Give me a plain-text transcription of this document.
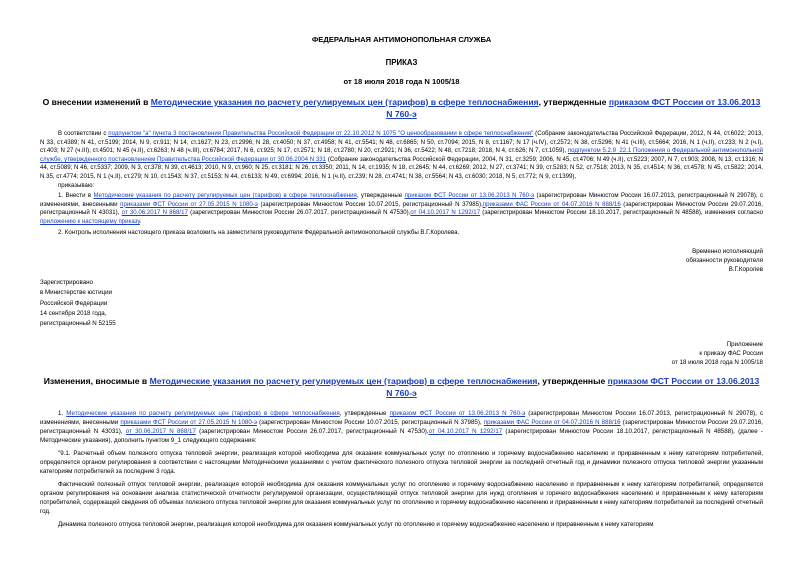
ФЕДЕРАЛЬНАЯ АНТИМОНОПОЛЬНАЯ СЛУЖБА
ПРИКАЗ
от 18 июля 2018 года N 1005/18
О внесении изменений в Методические указания по расчету регулируемых цен (тарифов) в сфере теплоснабжения, утвержденные приказом ФСТ России от 13.06.2013 N 760-э

В соответствии с подпунктом "а" пункта 3 постановления Правительства Российской Федерации от 22.10.2012 N 1075 "О ценообразовании в сфере теплоснабжения" (Собрание законодательства Российской Федерации, 2012, N 44, ст.6022; 2013, N 33, ст.4389; N 41, ст.5199; 2014, N 9, ст.911; N 14, ст.1627; N 23, ст.2996; N 28, ст.4050; N 37, ст.4958; N 41, ст.5541; N 48, ст.6865; N 50, ст.7094; 2015, N 8, ст.1167; N 17 (ч.IV), ст.2572; N 38, ст.5296; N 41 (ч.III), ст.5664; 2016, N 1 (ч.II), ст.233; N 2 (ч.I), ст.403; N 27 (ч.III), ст.4501; N 45 (ч.II), ст.6263; N 48 (ч.III), ст.6784; 2017, N 6, ст.925; N 17, ст.2571; N 18, ст.2780; N 20, ст.2921; N 36, ст.5422; N 48, ст.7218; 2018, N 4, ст.626; N 7, ст.1059), подпунктом 5.2.9_22.1 Положения о Федеральной антимонопольной службе, утвержденного постановлением Правительства Российской Федерации от 30.06.2004 N 331 (Собрание законодательства Российской Федерации, 2004, N 31, ст.3259; 2006, N 45, ст.4706; N 49 (ч.II), ст.5223; 2007, N 7, ст.903; 2008, N 13, ст.1316; N 44, ст.5089; N 46, ст.5337; 2009, N 3, ст.378; N 39, ст.4613; 2010, N 9, ст.960; N 25, ст.3181; N 26, ст.3350; 2011, N 14, ст.1935; N 18, ст.2645; N 44, ст.6269; 2012, N 27, ст.3741; N 39, ст.5283; N 52, ст.7518; 2013, N 35, ст.4514; N 36, ст.4578; N 45, ст.5822; 2014, N 35, ст.4774; 2015, N 1 (ч.II), ст.279; N 10, ст.1543; N 37, ст.5153; N 44, ст.6133; N 49, ст.6994; 2016, N 1 (ч.II), ст.239; N 28, ст.4741; N 38, ст.5564; N 43, ст.6030; 2018, N 5, ст.772; N 9, ст.1399),

приказываю:

1. Внести в Методические указания по расчету регулируемых цен (тарифов) в сфере теплоснабжения, утвержденные приказом ФСТ России от 13.06.2013 N 760-э (зарегистрирован Минюстом России 16.07.2013, регистрационный N 29078), с изменениями, внесенными приказами ФСТ России от 27.05.2015 N 1080-э (зарегистрирован Минюстом России 10.07.2015, регистрационный N 37985),приказами ФАС России от 04.07.2016 N 888/16 (зарегистрирован Минюстом России 29.07.2016, регистрационный N 43031), от 30.06.2017 N 868/17 (зарегистрирован Минюстом России 26.07.2017, регистрационный N 47530),от 04.10.2017 N 1292/17 (зарегистрирован Минюстом России 18.10.2017, регистрационный N 48588), изменения согласно приложению к настоящему приказу.

2. Контроль исполнения настоящего приказа возложить на заместителя руководителя Федеральной антимонопольной службы В.Г.Королева.

Временно исполняющий
обязанности руководителя
В.Г.Королев
Зарегистрировано
в Министерстве юстиции
Российской Федерации
14 сентября 2018 года,
регистрационный N 52155
Приложение
к приказу ФАС России
от 18 июля 2018 года N 1005/18
Изменения, вносимые в Методические указания по расчету регулируемых цен (тарифов) в сфере теплоснабжения, утвержденные приказом ФСТ России от 13.06.2013 N 760-э

1. Методические указания по расчету регулируемых цен (тарифов) в сфере теплоснабжения, утвержденные приказом ФСТ России от 13.06.2013 N 760-э (зарегистрирован Минюстом России 16.07.2013, регистрационный N 29078), с изменениями, внесенными приказами ФСТ России от 27.05.2015 N 1080-э (зарегистрирован Минюстом России 10.07.2015, регистрационный N 37985), приказами ФАС России от 04.07.2016 N 888/16 (зарегистрирован Минюстом России 29.07.2016, регистрационный N 43031), от 30.06.2017 N 868/17 (зарегистрирован Минюстом России 26.07.2017, регистрационный N 47530),от 04.10.2017 N 1292/17 (зарегистрирован Минюстом России 18.10.2017, регистрационный N 48588), (далее - Методические указания), дополнить пунктом 9_1 следующего содержания:

"9.1. Расчетный объем полезного отпуска тепловой энергии, реализация которой необходима для оказания коммунальных услуг по отоплению и горячему водоснабжению населению и приравненным к нему категориям потребителей, определяется органом регулирования в соответствии с настоящими Методическими указаниями с учетом фактического полезного отпуска тепловой энергии за последний отчетный год и динамики полезного отпуска тепловой энергии указанным категориям потребителей за последние 3 года.

Фактический полезный отпуск тепловой энергии, реализация которой необходима для оказания коммунальных услуг по отоплению и горячему водоснабжению населению и приравненным к нему категориям потребителей, определяется органом регулирования на основании анализа статистической отчетности регулируемой организации, осуществляющей отпуск тепловой энергии для нужд отопления и горячего водоснабжения населению и приравненным к нему категориям потребителей, содержащей сведения об объемах полезного отпуска тепловой энергии для оказания коммунальных услуг по отоплению и горячему водоснабжению населению и приравненным к нему категориям потребителей за последний отчетный год.

Динамика полезного отпуска тепловой энергии, реализация которой необходима для оказания коммунальных услуг по отоплению и горячему водоснабжению населению и приравненным к нему категориям
